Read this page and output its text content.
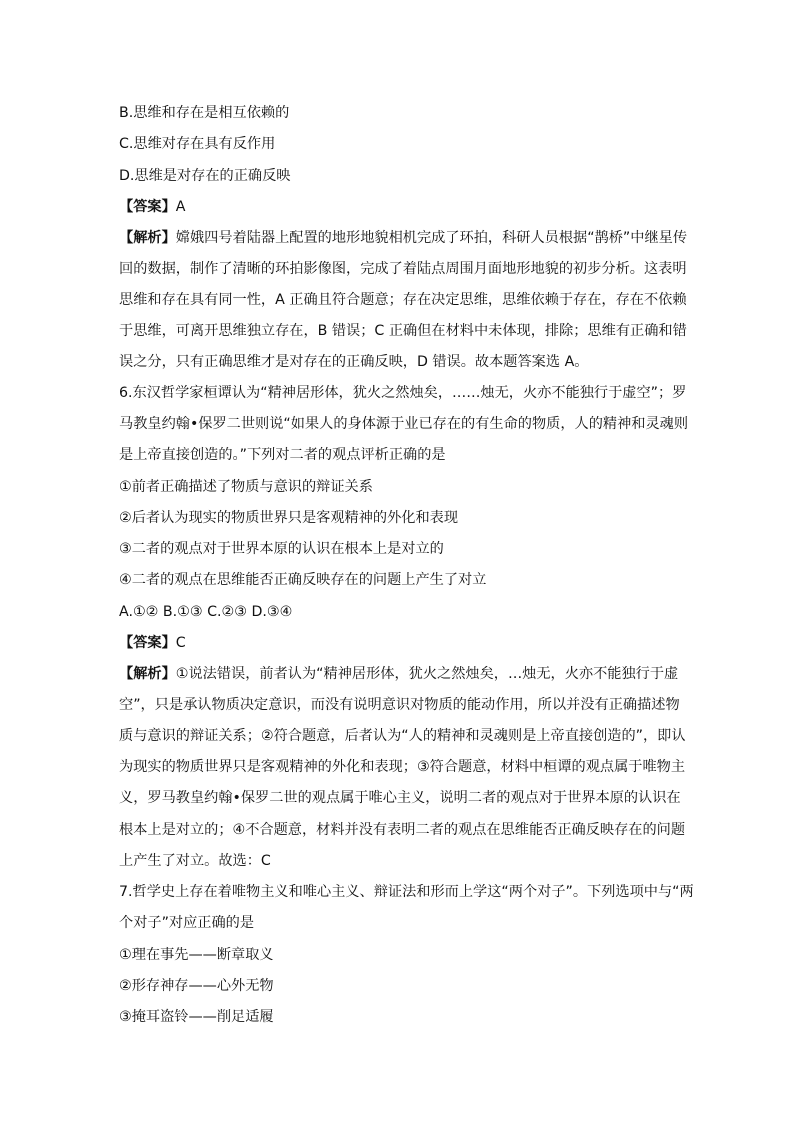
B.思维和存在是相互依赖的
C.思维对存在具有反作用
D.思维是对存在的正确反映
【答案】A
【解析】嫦娥四号着陆器上配置的地形地貌相机完成了环拍，科研人员根据“鹊桥”中继星传
回的数据，制作了清晰的环拍影像图，完成了着陆点周围月面地形地貌的初步分析。这表明
思维和存在具有同一性，A 正确且符合题意；存在决定思维，思维依赖于存在，存在不依赖
于思维，可离开思维独立存在，B 错误；C 正确但在材料中未体现，排除；思维有正确和错
误之分，只有正确思维才是对存在的正确反映，D 错误。故本题答案选 A。
6.东汉哲学家桓谭认为“精神居形体，犹火之然烛矣，……烛无，火亦不能独行于虚空”；罗
马教皇约翰•保罗二世则说“如果人的身体源于业已存在的有生命的物质，人的精神和灵魂则
是上帝直接创造的。”下列对二者的观点评析正确的是
①前者正确描述了物质与意识的辩证关系
②后者认为现实的物质世界只是客观精神的外化和表现
③二者的观点对于世界本原的认识在根本上是对立的
④二者的观点在思维能否正确反映存在的问题上产生了对立
A.①② B.①③ C.②③ D.③④
【答案】C
【解析】①说法错误，前者认为“精神居形体，犹火之然烛矣，…烛无，火亦不能独行于虚
空”，只是承认物质决定意识，而没有说明意识对物质的能动作用，所以并没有正确描述物
质与意识的辩证关系；②符合题意，后者认为“人的精神和灵魂则是上帝直接创造的”，即认
为现实的物质世界只是客观精神的外化和表现；③符合题意，材料中桓谭的观点属于唯物主
义，罗马教皇约翰•保罗二世的观点属于唯心主义，说明二者的观点对于世界本原的认识在
根本上是对立的；④不合题意，材料并没有表明二者的观点在思维能否正确反映存在的问题
上产生了对立。故选：C
7.哲学史上存在着唯物主义和唯心主义、辩证法和形而上学这“两个对子”。下列选项中与“两
个对子”对应正确的是
①理在事先——断章取义
②形存神存——心外无物
③掩耳盗铃——削足适履
